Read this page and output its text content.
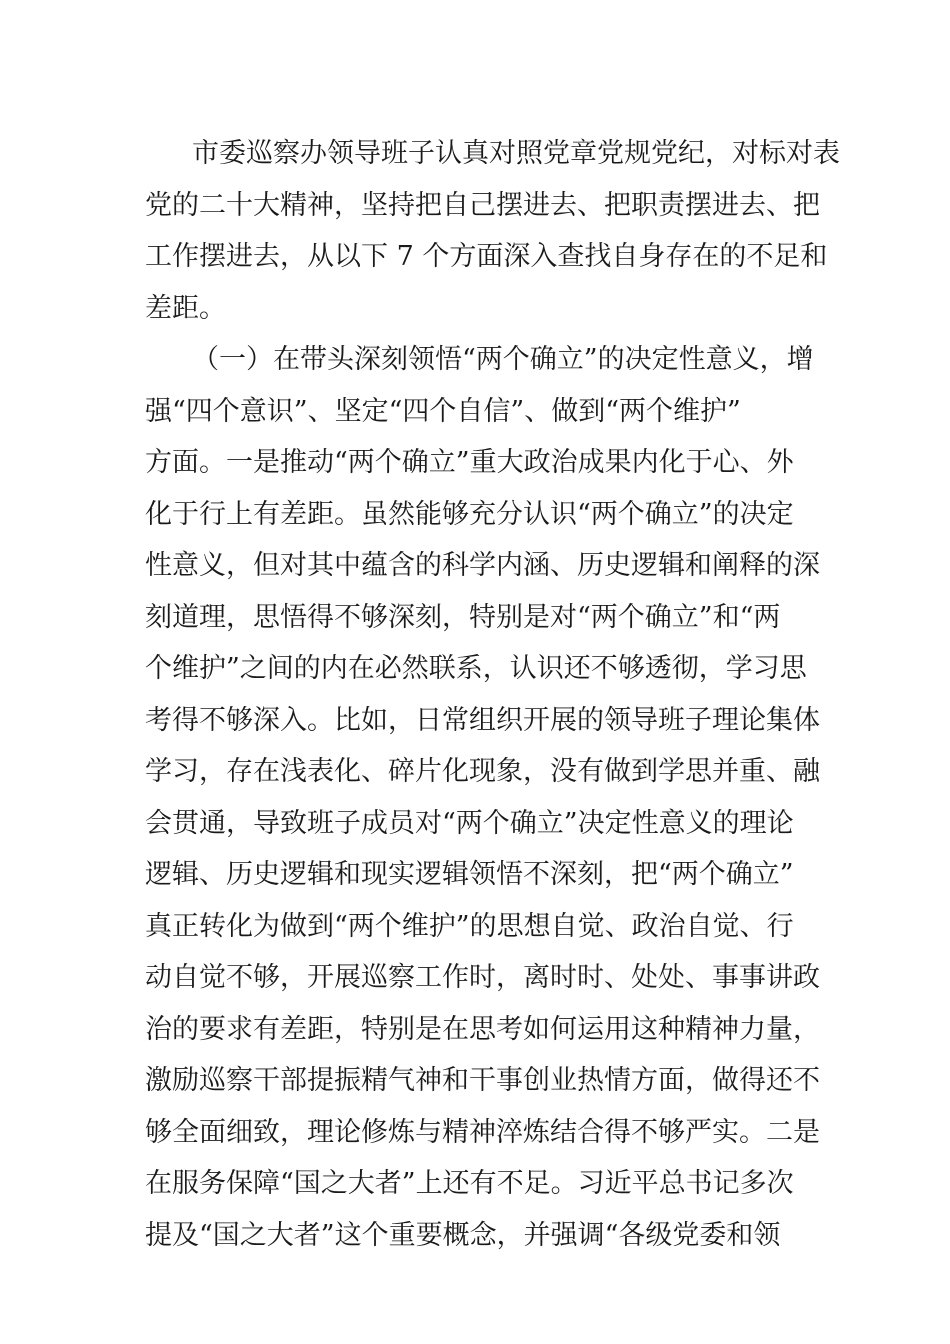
市委巡察办领导班子认真对照党章党规党纪，对标对表
党的二十大精神，坚持把自己摆进去、把职责摆进去、把
工作摆进去，从以下 7 个方面深入查找自身存在的不足和
差距。
（一）在带头深刻领悟“两个确立”的决定性意义，增
强“四个意识”、坚定“四个自信”、做到“两个维护”
方面。一是推动“两个确立”重大政治成果内化于心、外
化于行上有差距。虽然能够充分认识“两个确立”的决定
性意义，但对其中蕴含的科学内涵、历史逻辑和阐释的深
刻道理，思悟得不够深刻，特别是对“两个确立”和“两
个维护”之间的内在必然联系，认识还不够透彻，学习思
考得不够深入。比如，日常组织开展的领导班子理论集体
学习，存在浅表化、碎片化现象，没有做到学思并重、融
会贯通，导致班子成员对“两个确立”决定性意义的理论
逻辑、历史逻辑和现实逻辑领悟不深刻，把“两个确立”
真正转化为做到“两个维护”的思想自觉、政治自觉、行
动自觉不够，开展巡察工作时，离时时、处处、事事讲政
治的要求有差距，特别是在思考如何运用这种精神力量，
激励巡察干部提振精气神和干事创业热情方面，做得还不
够全面细致，理论修炼与精神淬炼结合得不够严实。二是
在服务保障“国之大者”上还有不足。习近平总书记多次
提及“国之大者”这个重要概念，并强调“各级党委和领
